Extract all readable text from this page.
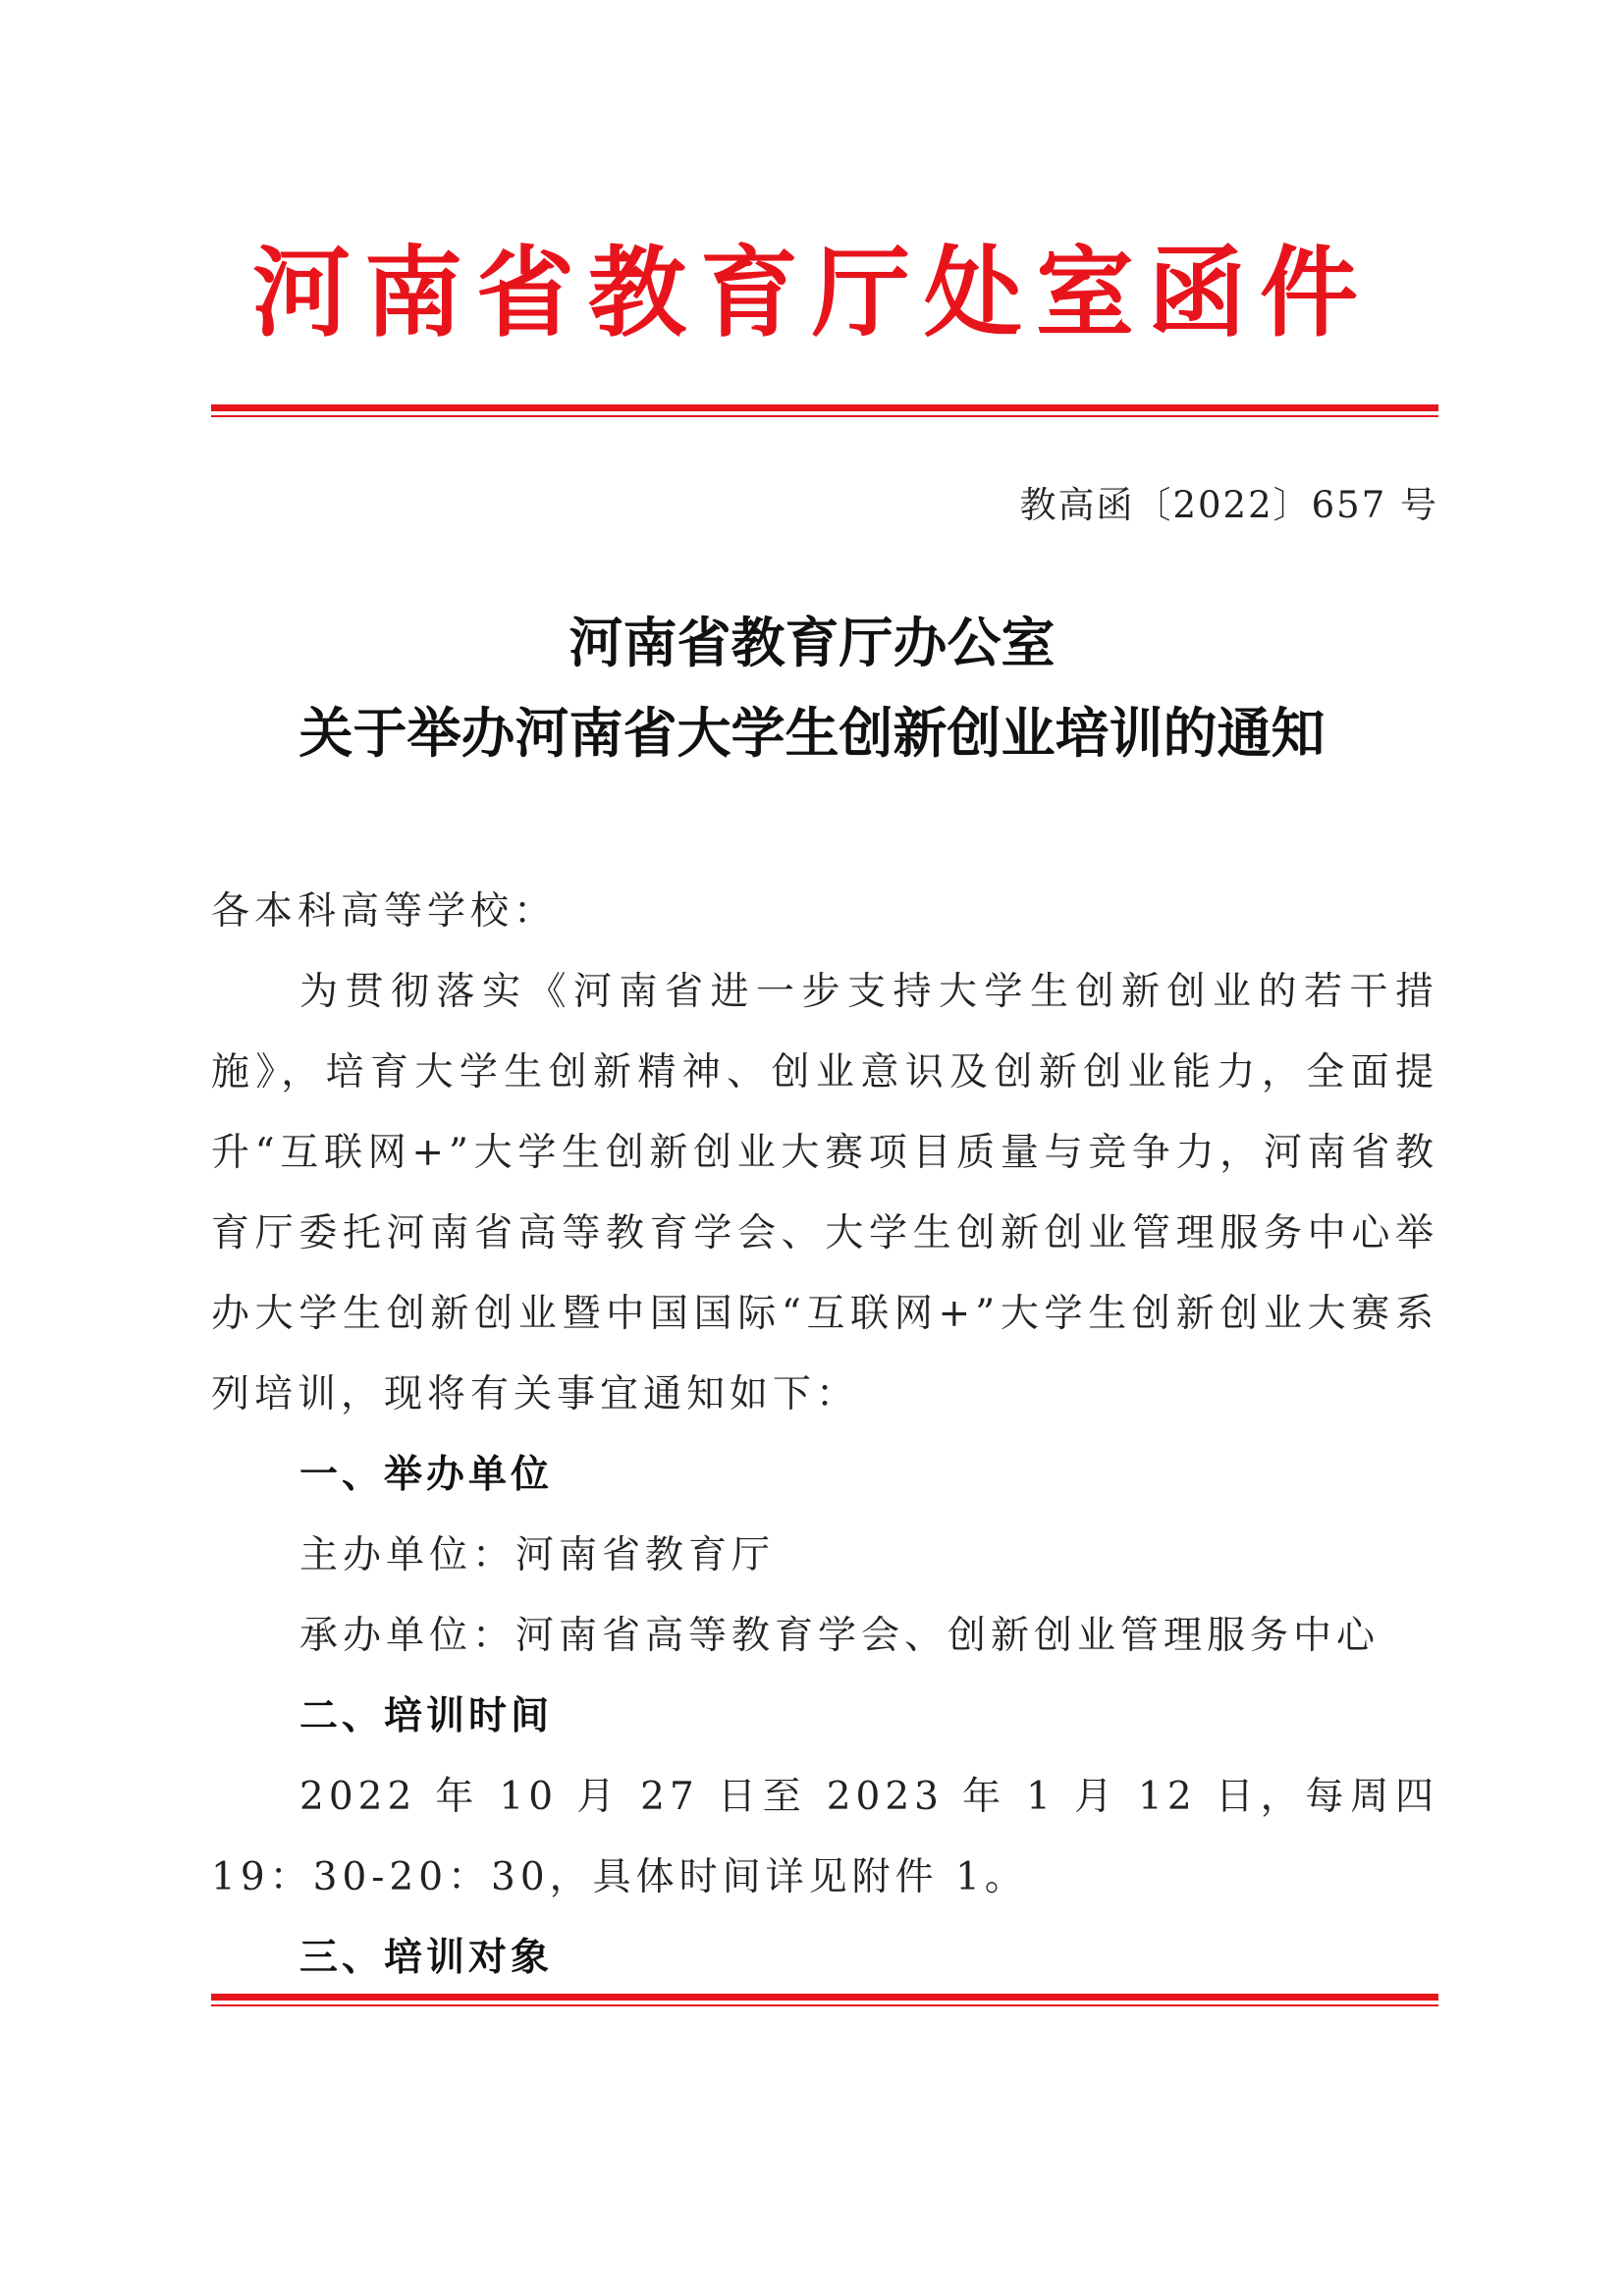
河南省教育厅处室函件
教高函〔2022〕657 号
河南省教育厅办公室
关于举办河南省大学生创新创业培训的通知

各本科高等学校：

为贯彻落实《河南省进一步支持大学生创新创业的若干措施》，培育大学生创新精神、创业意识及创新创业能力，全面提升“互联网+”大学生创新创业大赛项目质量与竞争力，河南省教育厅委托河南省高等教育学会、大学生创新创业管理服务中心举办大学生创新创业暨中国国际“互联网+”大学生创新创业大赛系列培训，现将有关事宜通知如下：

一、举办单位

主办单位：河南省教育厅

承办单位：河南省高等教育学会、创新创业管理服务中心

二、培训时间

2022 年 10 月 27 日至 2023 年 1 月 12 日，每周四 19：30-20：30，具体时间详见附件 1。

三、培训对象
